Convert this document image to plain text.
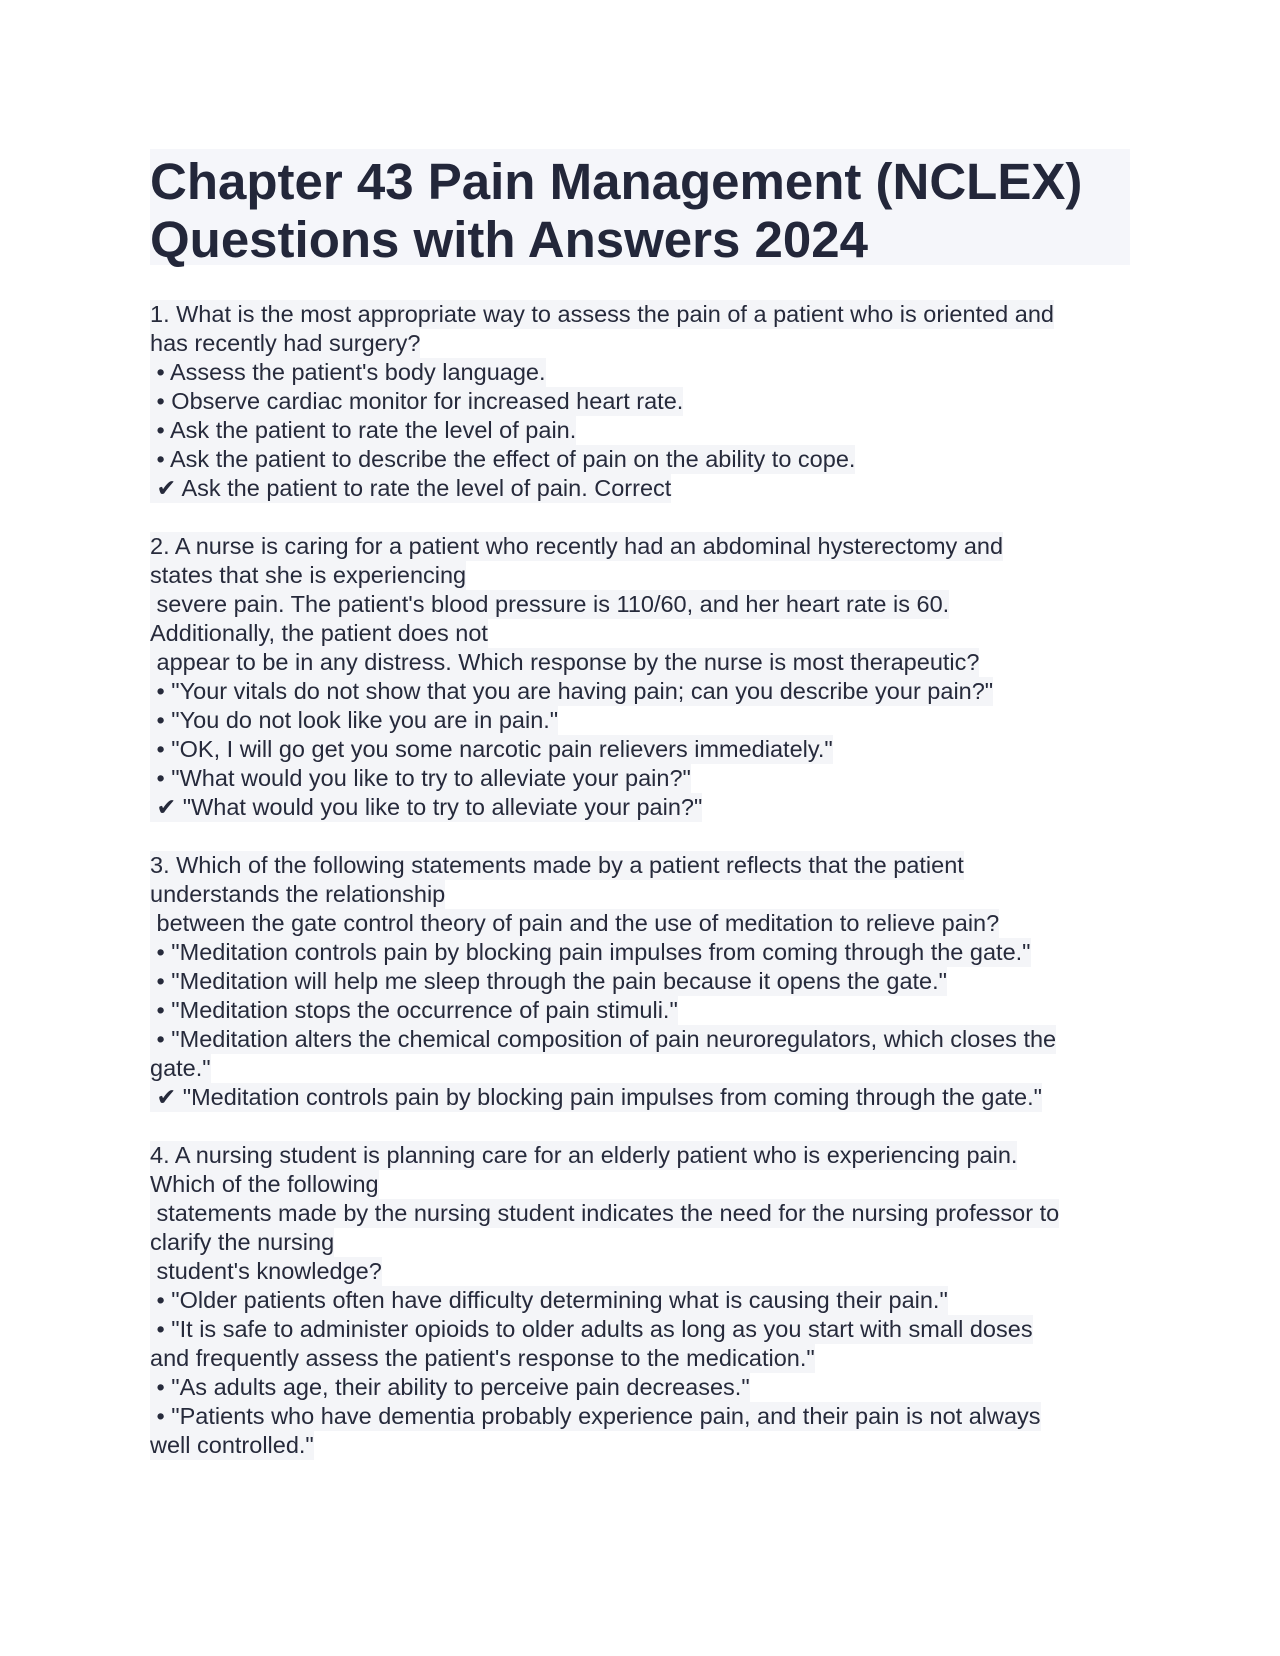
Chapter 43 Pain Management (NCLEX)
Questions with Answers 2024
1. What is the most appropriate way to assess the pain of a patient who is oriented and
has recently had surgery?
• Assess the patient's body language.
• Observe cardiac monitor for increased heart rate.
• Ask the patient to rate the level of pain.
• Ask the patient to describe the effect of pain on the ability to cope.
✔ Ask the patient to rate the level of pain. Correct
2. A nurse is caring for a patient who recently had an abdominal hysterectomy and
states that she is experiencing
severe pain. The patient's blood pressure is 110/60, and her heart rate is 60.
Additionally, the patient does not
appear to be in any distress. Which response by the nurse is most therapeutic?
• "Your vitals do not show that you are having pain; can you describe your pain?"
• "You do not look like you are in pain."
• "OK, I will go get you some narcotic pain relievers immediately."
• "What would you like to try to alleviate your pain?"
✔ "What would you like to try to alleviate your pain?"
3. Which of the following statements made by a patient reflects that the patient
understands the relationship
between the gate control theory of pain and the use of meditation to relieve pain?
• "Meditation controls pain by blocking pain impulses from coming through the gate."
• "Meditation will help me sleep through the pain because it opens the gate."
• "Meditation stops the occurrence of pain stimuli."
• "Meditation alters the chemical composition of pain neuroregulators, which closes the
gate."
✔ "Meditation controls pain by blocking pain impulses from coming through the gate."
4. A nursing student is planning care for an elderly patient who is experiencing pain.
Which of the following
statements made by the nursing student indicates the need for the nursing professor to
clarify the nursing
student's knowledge?
• "Older patients often have difficulty determining what is causing their pain."
• "It is safe to administer opioids to older adults as long as you start with small doses
and frequently assess the patient's response to the medication."
• "As adults age, their ability to perceive pain decreases."
• "Patients who have dementia probably experience pain, and their pain is not always
well controlled."
